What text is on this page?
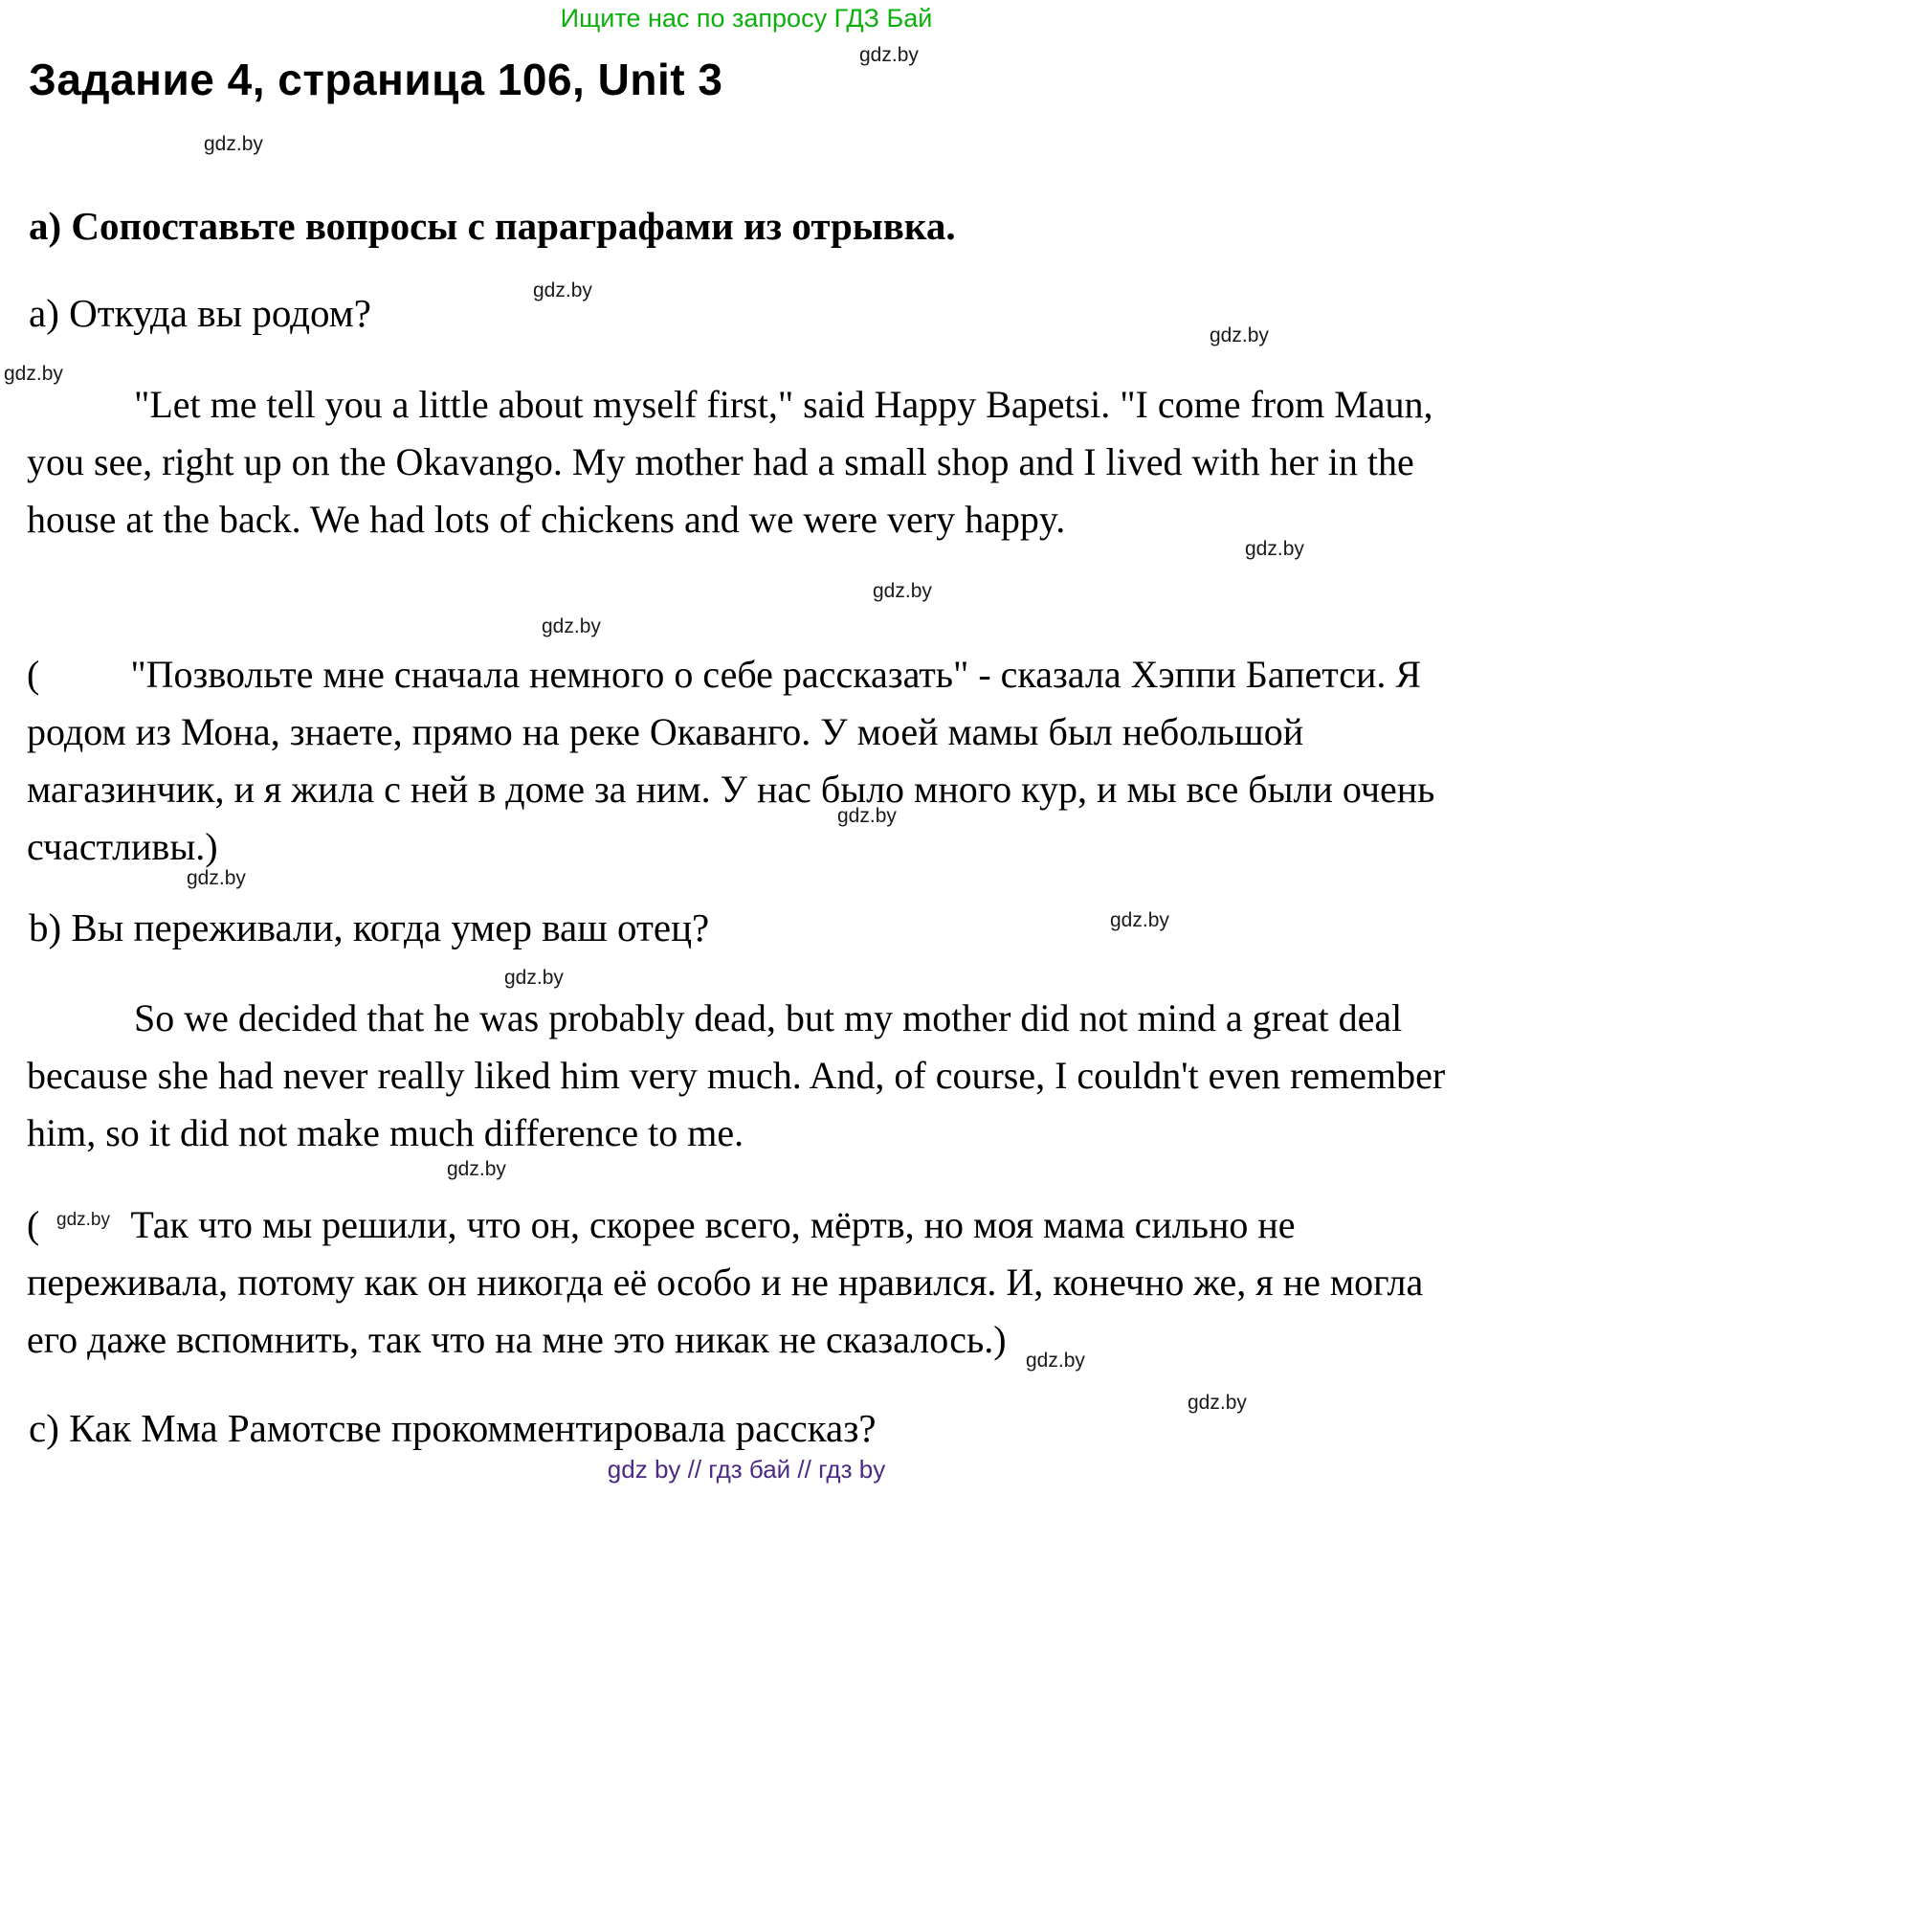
Ищите нас по запросу ГДЗ Бай
Задание 4, страница 106, Unit 3

a) Сопоставьте вопросы с параграфами из отрывка.

a) Откуда вы родом?

"Let me tell you a little about myself first," said Happy Bapetsi. "I come from Maun, you see, right up on the Okavango. My mother had a small shop and I lived with her in the house at the back. We had lots of chickens and we were very happy.

( "Позвольте мне сначала немного о себе рассказать" - сказала Хэппи Бапетси. Я родом из Мона, знаете, прямо на реке Окаванго. У моей мамы был небольшой магазинчик, и я жила с ней в доме за ним. У нас было много кур, и мы все были очень счастливы.)

b) Вы переживали, когда умер ваш отец?

So we decided that he was probably dead, but my mother did not mind a great deal because she had never really liked him very much. And, of course, I couldn't even remember him, so it did not make much difference to me.

( Так что мы решили, что он, скорее всего, мёртв, но моя мама сильно не переживала, потому как он никогда её особо и не нравился. И, конечно же, я не могла его даже вспомнить, так что на мне это никак не сказалось.)

c) Как Мма Рамотсве прокомментировала рассказ?

gdz by // гдз бай // гдз by
gdz.by
gdz.by
gdz.by
gdz.by
gdz.by
gdz.by
gdz.by
gdz.by
gdz.by
gdz.by
gdz.by
gdz.by
gdz.by
gdz.by
gdz.by
gdz.by
